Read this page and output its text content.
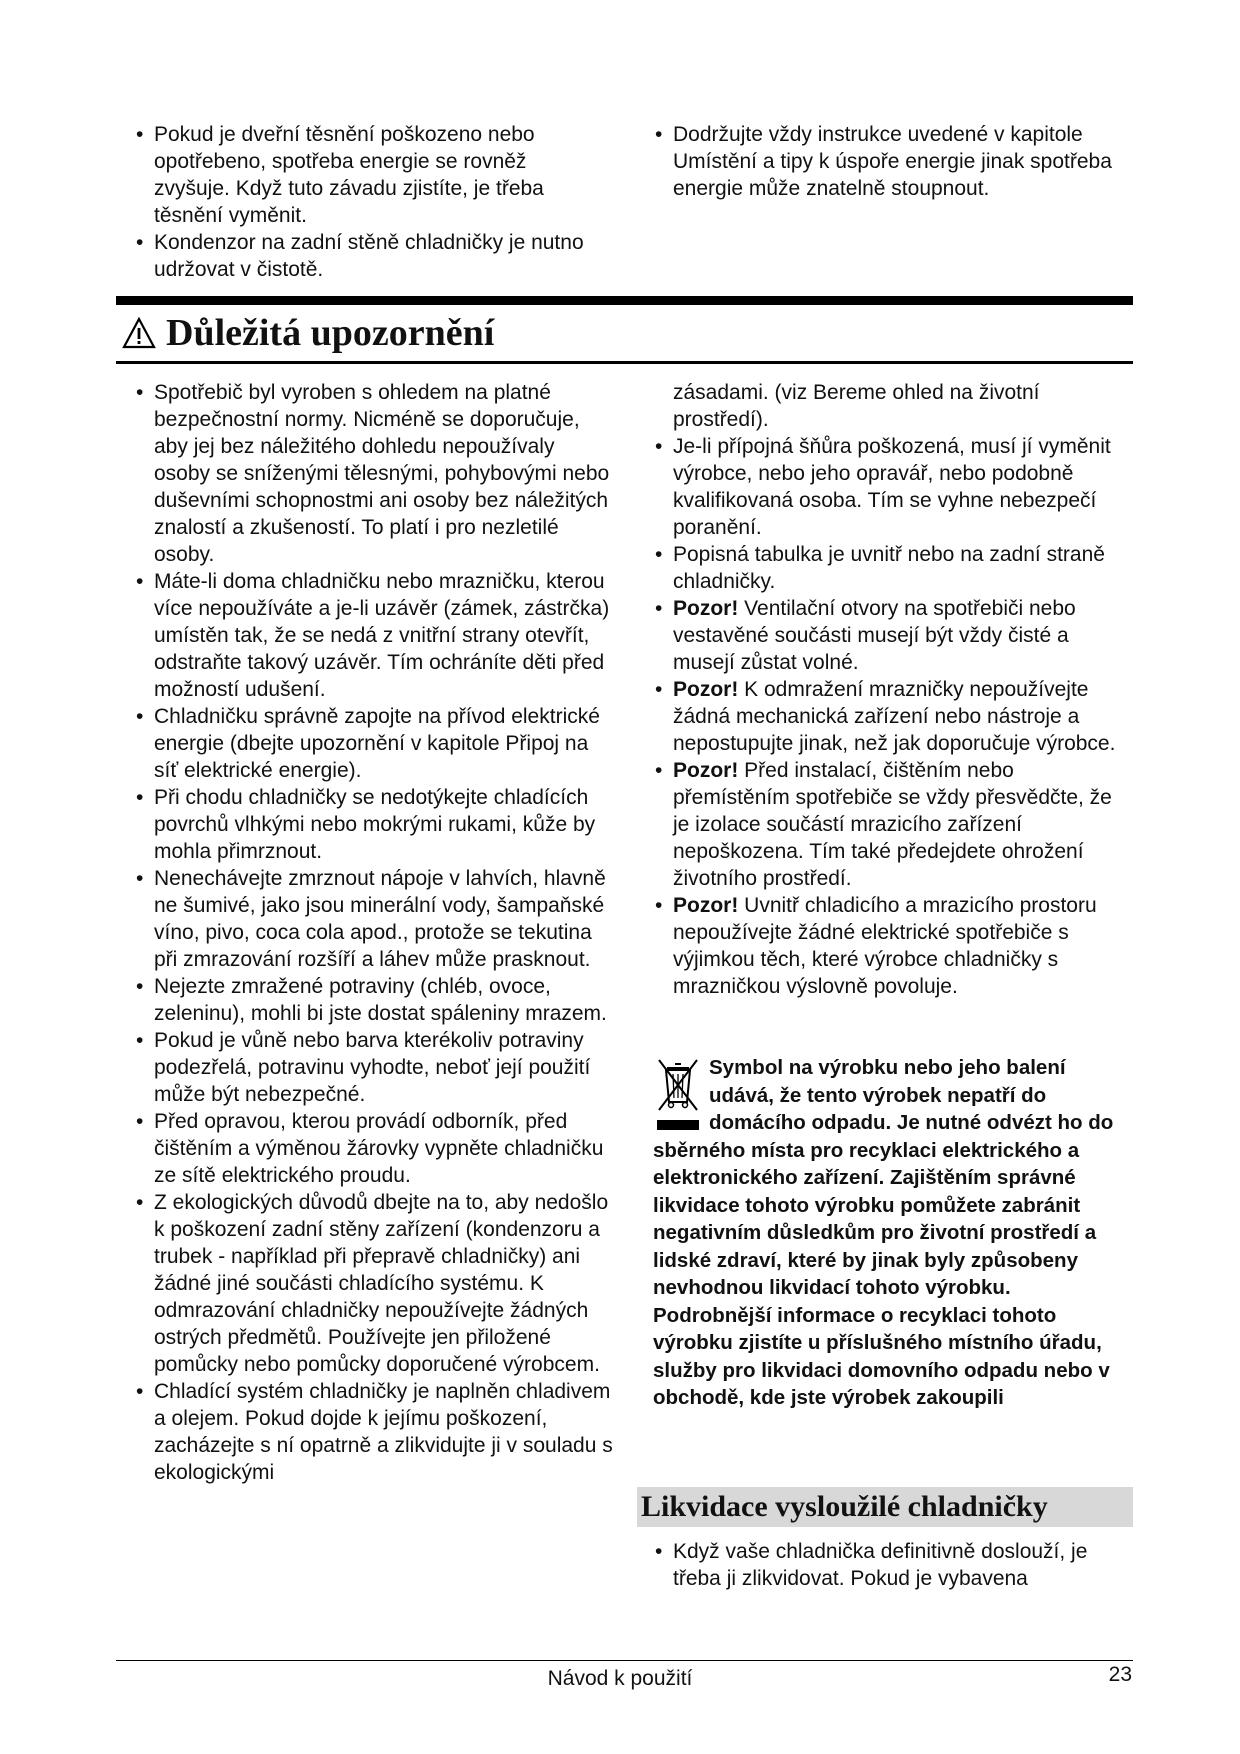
• Pokud je dveřní těsnění poškozeno nebo opotřebeno, spotřeba energie se rovněž zvyšuje. Když tuto závadu zjistíte, je třeba těsnění vyměnit.
• Kondenzor na zadní stěně chladničky je nutno udržovat v čistotě.
• Dodržujte vždy instrukce uvedené v kapitole Umístění a tipy k úspoře energie jinak spotřeba energie může znatelně stoupnout.
Důležitá upozornění
• Spotřebič byl vyroben s ohledem na platné bezpečnostní normy. Nicméně se doporučuje, aby jej bez náležitého dohledu nepoužívaly osoby se sníženými tělesnými, pohybovými nebo duševními schopnostmi ani osoby bez náležitých znalostí a zkušeností. To platí i pro nezletilé osoby.
• Máte-li doma chladničku nebo mrazničku, kterou více nepoužíváte a je-li uzávěr (zámek, zástrčka) umístěn tak, že se nedá z vnitřní strany otevřít, odstraňte takový uzávěr. Tím ochráníte děti před možností udušení.
• Chladničku správně zapojte na přívod elektrické energie (dbejte upozornění v kapitole Připoj na síť elektrické energie).
• Při chodu chladničky se nedotýkejte chladících povrchů vlhkými nebo mokrými rukami, kůže by mohla přimrznout.
• Nenechávejte zmrznout nápoje v lahvích, hlavně ne šumivé, jako jsou minerální vody, šampaňské víno, pivo, coca cola apod., protože se tekutina při zmrazování rozšíří a láhev může prasknout.
• Nejezte zmražené potraviny (chléb, ovoce, zeleninu), mohli bi jste dostat spáleniny mrazem.
• Pokud je vůně nebo barva kterékoliv potraviny podezřelá, potravinu vyhodte, neboť její použití může být nebezpečné.
• Před opravou, kterou provádí odborník, před čištěním a výměnou žárovky vypněte chladničku ze sítě elektrického proudu.
• Z ekologických důvodů dbejte na to, aby nedošlo k poškození zadní stěny zařízení (kondenzoru a trubek - například při přepravě chladničky) ani žádné jiné součásti chladícího systému. K odmrazování chladničky nepoužívejte žádných ostrých předmětů. Používejte jen přiložené pomůcky nebo pomůcky doporučené výrobcem.
• Chladící systém chladničky je naplněn chladivem a olejem. Pokud dojde k jejímu poškození, zacházejte s ní opatrně a zlikvidujte ji v souladu s ekologickými
zásadami. (viz Bereme ohled na životní prostředí).
• Je-li přípojná šňůra poškozená, musí jí vyměnit výrobce, nebo jeho opravář, nebo podobně kvalifikovaná osoba. Tím se vyhne nebezpečí poranění.
• Popisná tabulka je uvnitř nebo na zadní straně chladničky.
• Pozor! Ventilační otvory na spotřebiči nebo vestavěné součásti musejí být vždy čisté a musejí zůstat volné.
• Pozor! K odmražení mrazničky nepoužívejte žádná mechanická zařízení nebo nástroje a nepostupujte jinak, než jak doporučuje výrobce.
• Pozor! Před instalací, čištěním nebo přemístěním spotřebiče se vždy přesvědčte, že je izolace součástí mrazicího zařízení nepoškozena. Tím také předejdete ohrožení životního prostředí.
• Pozor! Uvnitř chladicího a mrazicího prostoru nepoužívejte žádné elektrické spotřebiče s výjimkou těch, které výrobce chladničky s mrazničkou výslovně povoluje.
Symbol na výrobku nebo jeho balení udává, že tento výrobek nepatří do domácího odpadu. Je nutné odvézt ho do sběrného místa pro recyklaci elektrického a elektronického zařízení. Zajištěním správné likvidace tohoto výrobku pomůžete zabránit negativním důsledkům pro životní prostředí a lidské zdraví, které by jinak byly způsobeny nevhodnou likvidací tohoto výrobku. Podrobnější informace o recyklaci tohoto výrobku zjistíte u příslušného místního úřadu, služby pro likvidaci domovního odpadu nebo v obchodě, kde jste výrobek zakoupili
Likvidace vysloužilé chladničky
• Když vaše chladnička definitivně doslouží, je třeba ji zlikvidovat. Pokud je vybavena
Návod k použití	23
